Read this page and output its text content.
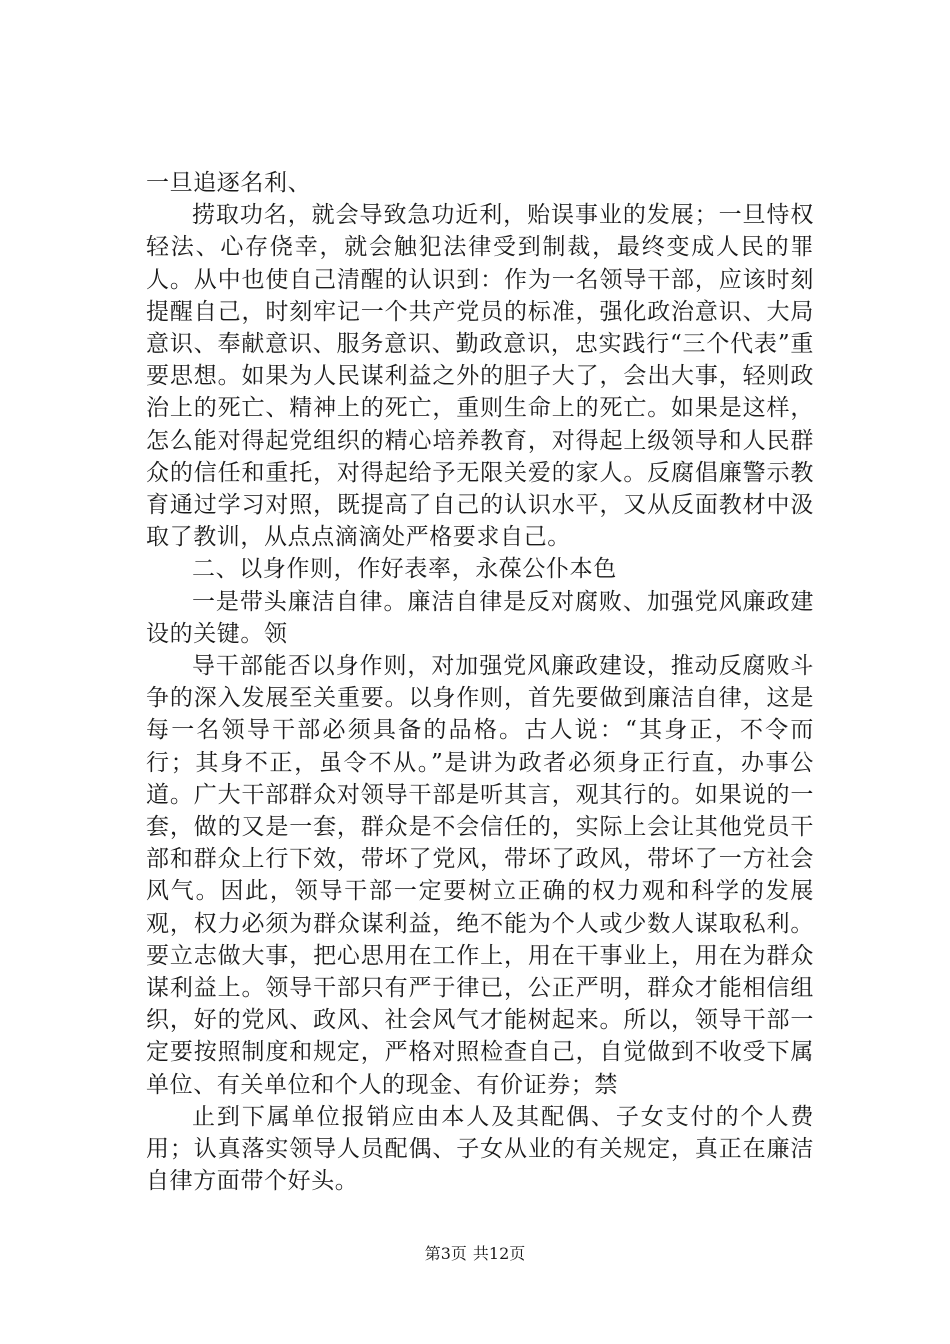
一旦追逐名利、

捞取功名，就会导致急功近利，贻误事业的发展；一旦恃权轻法、心存侥幸，就会触犯法律受到制裁，最终变成人民的罪人。从中也使自己清醒的认识到：作为一名领导干部，应该时刻提醒自己，时刻牢记一个共产党员的标准，强化政治意识、大局意识、奉献意识、服务意识、勤政意识，忠实践行“三个代表”重要思想。如果为人民谋利益之外的胆子大了，会出大事，轻则政治上的死亡、精神上的死亡，重则生命上的死亡。如果是这样，怎么能对得起党组织的精心培养教育，对得起上级领导和人民群众的信任和重托，对得起给予无限关爱的家人。反腐倡廉警示教育通过学习对照，既提高了自己的认识水平，又从反面教材中汲取了教训，从点点滴滴处严格要求自己。

二、以身作则，作好表率，永葆公仆本色

一是带头廉洁自律。廉洁自律是反对腐败、加强党风廉政建设的关键。领

导干部能否以身作则，对加强党风廉政建设，推动反腐败斗争的深入发展至关重要。以身作则，首先要做到廉洁自律，这是每一名领导干部必须具备的品格。古人说：“其身正，不令而行；其身不正，虽令不从。”是讲为政者必须身正行直，办事公道。广大干部群众对领导干部是听其言，观其行的。如果说的一套，做的又是一套，群众是不会信任的，实际上会让其他党员干部和群众上行下效，带坏了党风，带坏了政风，带坏了一方社会风气。因此，领导干部一定要树立正确的权力观和科学的发展观，权力必须为群众谋利益，绝不能为个人或少数人谋取私利。要立志做大事，把心思用在工作上，用在干事业上，用在为群众谋利益上。领导干部只有严于律已，公正严明，群众才能相信组织，好的党风、政风、社会风气才能树起来。所以，领导干部一定要按照制度和规定，严格对照检查自己，自觉做到不收受下属单位、有关单位和个人的现金、有价证券；禁

止到下属单位报销应由本人及其配偶、子女支付的个人费用；认真落实领导人员配偶、子女从业的有关规定，真正在廉洁自律方面带个好头。

第3页 共12页
